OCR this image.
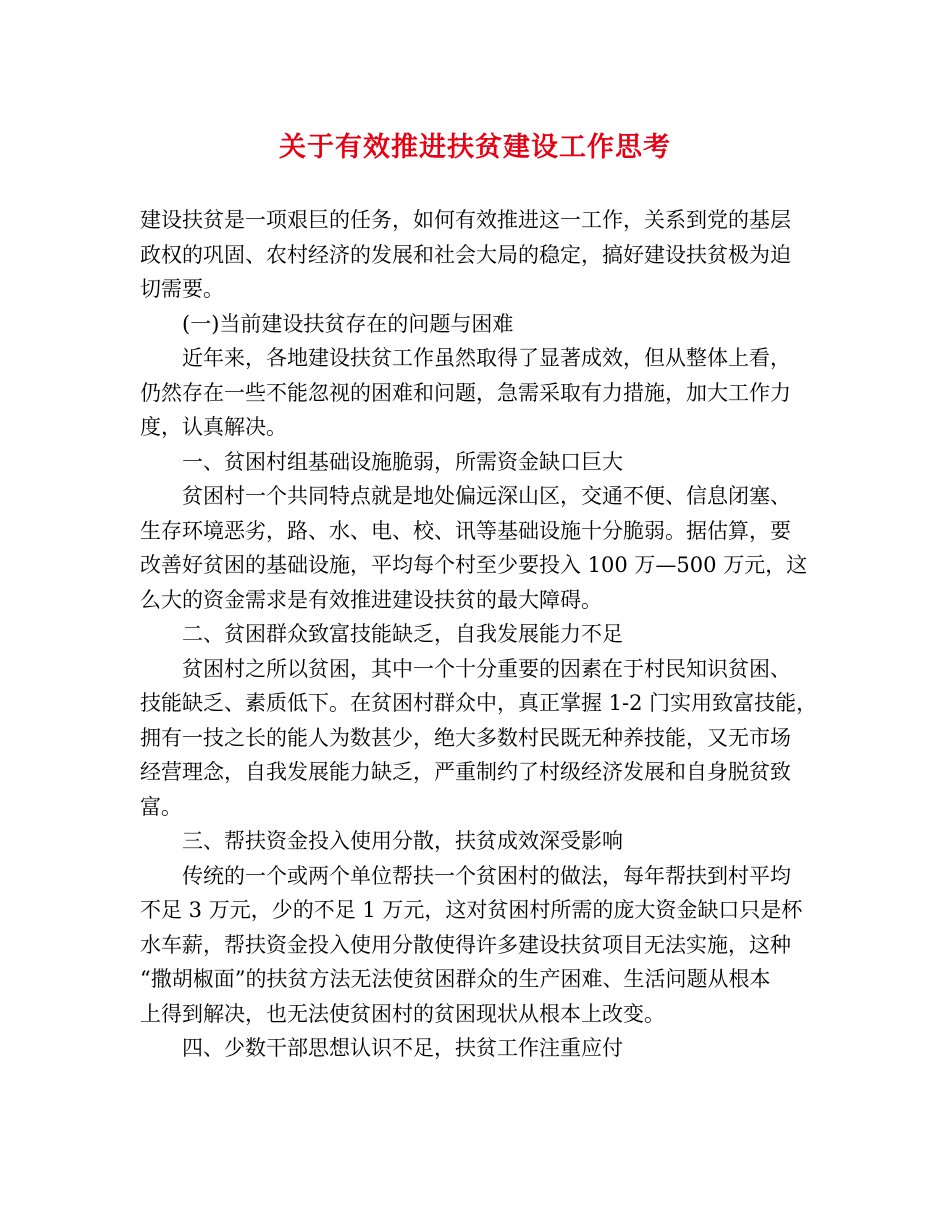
关于有效推进扶贫建设工作思考
建设扶贫是一项艰巨的任务，如何有效推进这一工作，关系到党的基层
政权的巩固、农村经济的发展和社会大局的稳定，搞好建设扶贫极为迫
切需要。
(一)当前建设扶贫存在的问题与困难
近年来，各地建设扶贫工作虽然取得了显著成效，但从整体上看，
仍然存在一些不能忽视的困难和问题，急需采取有力措施，加大工作力
度，认真解决。
一、贫困村组基础设施脆弱，所需资金缺口巨大
贫困村一个共同特点就是地处偏远深山区，交通不便、信息闭塞、
生存环境恶劣，路、水、电、校、讯等基础设施十分脆弱。据估算，要
改善好贫困的基础设施，平均每个村至少要投入 100 万—500 万元，这
么大的资金需求是有效推进建设扶贫的最大障碍。
二、贫困群众致富技能缺乏，自我发展能力不足
贫困村之所以贫困，其中一个十分重要的因素在于村民知识贫困、
技能缺乏、素质低下。在贫困村群众中，真正掌握 1-2 门实用致富技能，
拥有一技之长的能人为数甚少，绝大多数村民既无种养技能，又无市场
经营理念，自我发展能力缺乏，严重制约了村级经济发展和自身脱贫致
富。
三、帮扶资金投入使用分散，扶贫成效深受影响
传统的一个或两个单位帮扶一个贫困村的做法，每年帮扶到村平均
不足 3 万元，少的不足 1 万元，这对贫困村所需的庞大资金缺口只是杯
水车薪，帮扶资金投入使用分散使得许多建设扶贫项目无法实施，这种
“撒胡椒面”的扶贫方法无法使贫困群众的生产困难、生活问题从根本
上得到解决，也无法使贫困村的贫困现状从根本上改变。
四、少数干部思想认识不足，扶贫工作注重应付
